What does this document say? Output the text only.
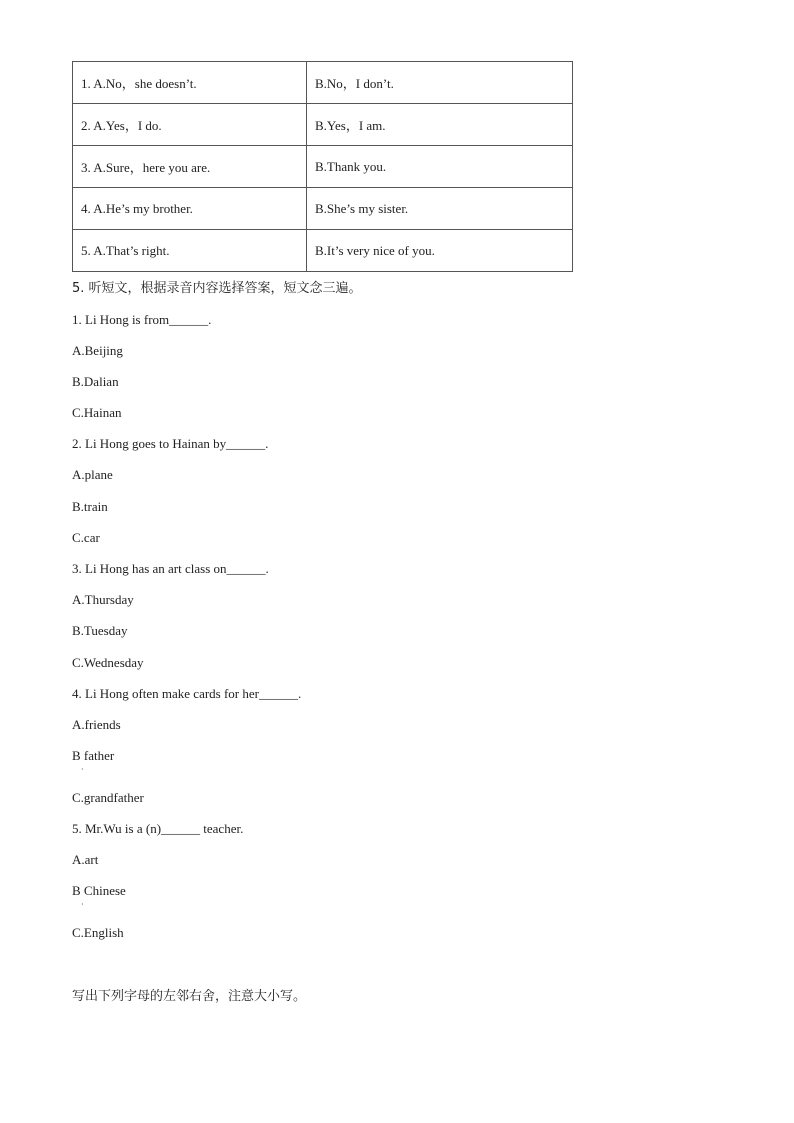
1. A.No，she doesn’t.	B.No，I don’t.
2. A.Yes，I do.	B.Yes，I am.
3. A.Sure，here you are.	B.Thank you.
4. A.He’s my brother.	B.She’s my sister.
5. A.That’s right.	B.It’s very nice of you.
5. 听短文，根据录音内容选择答案，短文念三遍。
1. Li Hong is from______.
A.Beijing
B.Dalian
C.Hainan
2. Li Hong goes to Hainan by______.
A.plane
B.train
C.car
3. Li Hong has an art class on______.
A.Thursday
B.Tuesday
C.Wednesday
4. Li Hong often make cards for her______.
A.friends
B father
·
C.grandfather
5. Mr.Wu is a (n)______ teacher.
A.art
B Chinese
·
C.English
写出下列字母的左邻右舍，注意大小写。
